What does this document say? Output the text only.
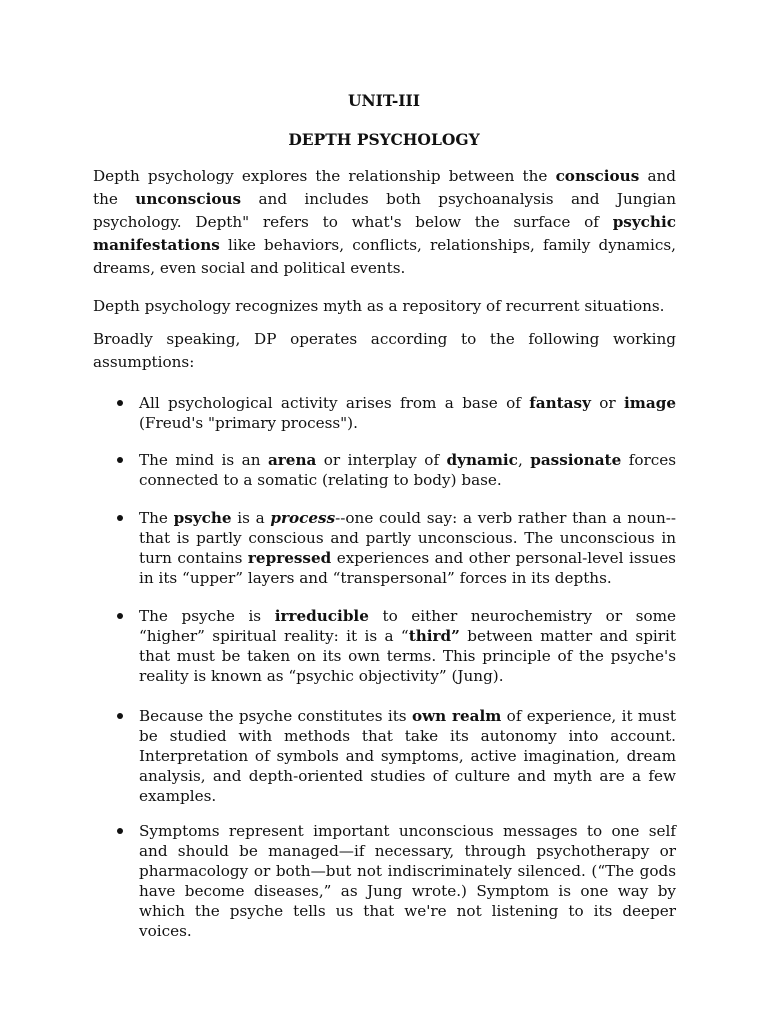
UNIT-III
DEPTH PSYCHOLOGY

Depth psychology explores the relationship between the conscious and the unconscious and includes both psychoanalysis and Jungian psychology. Depth" refers to what's below the surface of psychic manifestations like behaviors, conflicts, relationships, family dynamics, dreams, even social and political events.

Depth psychology recognizes myth as a repository of recurrent situations.

Broadly speaking, DP operates according to the following working assumptions:

All psychological activity arises from a base of fantasy or image (Freud's "primary process").

The mind is an arena or interplay of dynamic, passionate forces connected to a somatic (relating to body) base.

The psyche is a process--one could say: a verb rather than a noun--that is partly conscious and partly unconscious. The unconscious in turn contains repressed experiences and other personal-level issues in its “upper” layers and “transpersonal” forces in its depths.

The psyche is irreducible to either neurochemistry or some “higher” spiritual reality: it is a “third” between matter and spirit that must be taken on its own terms. This principle of the psyche's reality is known as “psychic objectivity” (Jung).

Because the psyche constitutes its own realm of experience, it must be studied with methods that take its autonomy into account. Interpretation of symbols and symptoms, active imagination, dream analysis, and depth-oriented studies of culture and myth are a few examples.

Symptoms represent important unconscious messages to one self and should be managed—if necessary, through psychotherapy or pharmacology or both—but not indiscriminately silenced. (“The gods have become diseases,” as Jung wrote.) Symptom is one way by which the psyche tells us that we're not listening to its deeper voices.
